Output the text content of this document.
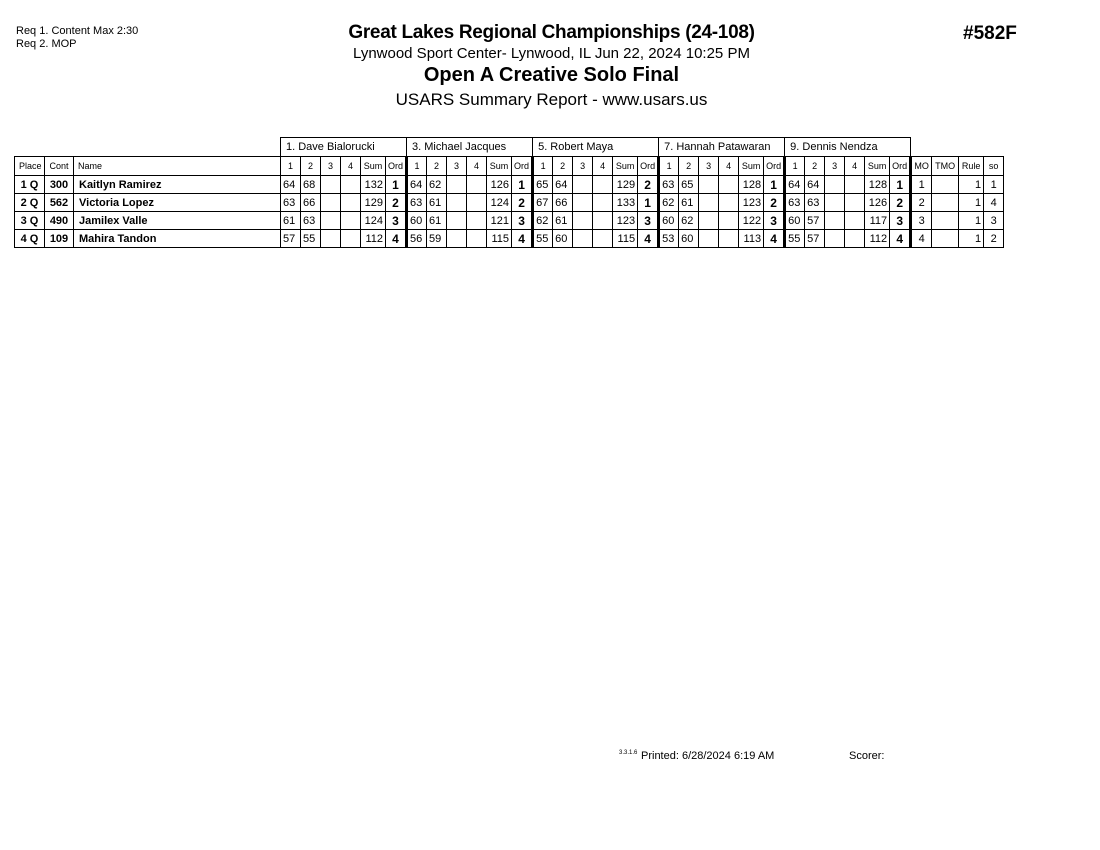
Req 1. Content Max 2:30
Req 2. MOP
Great Lakes Regional Championships (24-108)
Lynwood Sport Center- Lynwood, IL Jun 22, 2024 10:25 PM
Open A Creative Solo Final
USARS Summary Report - www.usars.us
#582F
			1. Dave Bialorucki						3. Michael Jacques						5. Robert Maya						7. Hannah Patawaran						9. Dennis Nendza									
Place	Cont	Name	1	2	3	4	Sum	Ord	1	2	3	4	Sum	Ord	1	2	3	4	Sum	Ord	1	2	3	4	Sum	Ord	1	2	3	4	Sum	Ord	MO	TMO	Rule	so
1 Q	300	Kaitlyn Ramirez	64	68			132	1	64	62			126	1	65	64			129	2	63	65			128	1	64	64			128	1	1		1	1
2 Q	562	Victoria Lopez	63	66			129	2	63	61			124	2	67	66			133	1	62	61			123	2	63	63			126	2	2		1	4
3 Q	490	Jamilex Valle	61	63			124	3	60	61			121	3	62	61			123	3	60	62			122	3	60	57			117	3	3		1	3
4 Q	109	Mahira Tandon	57	55			112	4	56	59			115	4	55	60			115	4	53	60			113	4	55	57			112	4	4		1	2
3.3.1.6 Printed: 6/28/2024 6:19 AM	Scorer:
